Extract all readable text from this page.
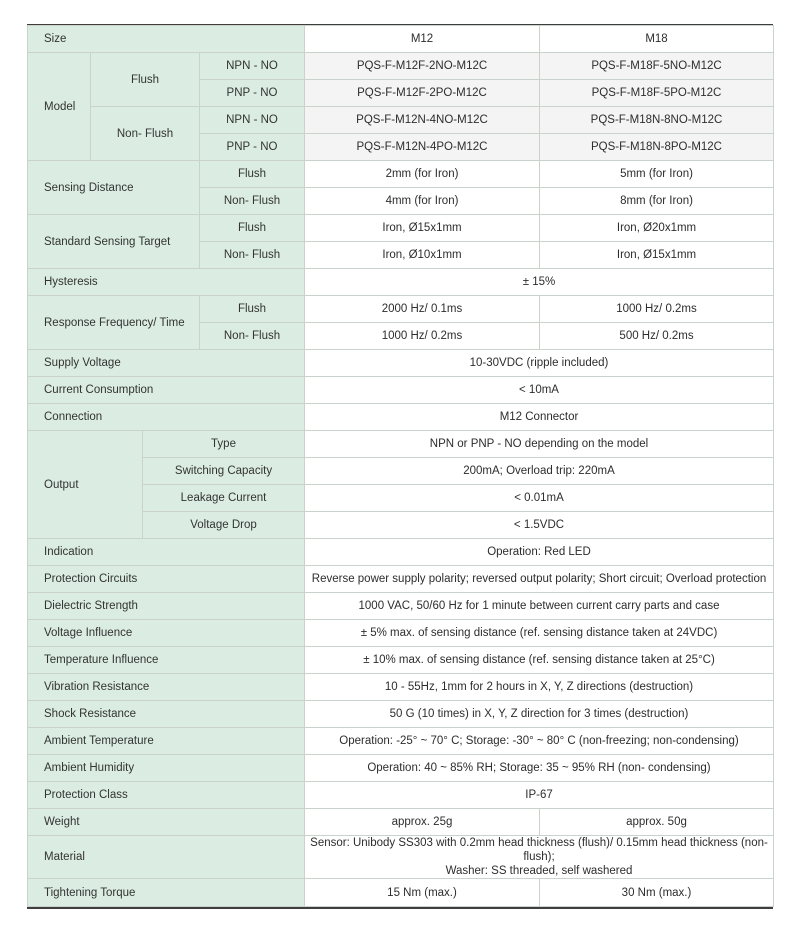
Size				M12	M18
Model	Flush		NPN - NO	PQS-F-M12F-2NO-M12C	PQS-F-M18F-5NO-M12C
			PNP - NO	PQS-F-M12F-2PO-M12C	PQS-F-M18F-5PO-M12C
	Non- Flush		NPN - NO	PQS-F-M12N-4NO-M12C	PQS-F-M18N-8NO-M12C
			PNP - NO	PQS-F-M12N-4PO-M12C	PQS-F-M18N-8PO-M12C
Sensing Distance			Flush	2mm (for Iron)	5mm (for Iron)
			Non- Flush	4mm (for Iron)	8mm (for Iron)
Standard Sensing Target			Flush	Iron, Ø15x1mm	Iron, Ø20x1mm
			Non- Flush	Iron, Ø10x1mm	Iron, Ø15x1mm
Hysteresis				± 15%	
Response Frequency/ Time			Flush	2000 Hz/ 0.1ms	1000 Hz/ 0.2ms
			Non- Flush	1000 Hz/ 0.2ms	500 Hz/ 0.2ms
Supply Voltage				10-30VDC (ripple included)	
Current Consumption				< 10mA	
Connection				M12 Connector	
Output		Type		NPN or PNP - NO depending on the model	
		Switching Capacity		200mA; Overload trip: 220mA	
		Leakage Current		< 0.01mA	
		Voltage Drop		< 1.5VDC	
Indication				Operation: Red LED	
Protection Circuits				Reverse power supply polarity; reversed output polarity; Short circuit; Overload protection	
Dielectric Strength				1000 VAC, 50/60 Hz for 1 minute between current carry parts and case	
Voltage Influence				± 5% max. of sensing distance (ref. sensing distance taken at 24VDC)	
Temperature Influence				± 10% max. of sensing distance (ref. sensing distance taken at 25°C)	
Vibration Resistance				10 - 55Hz, 1mm for 2 hours in X, Y, Z directions (destruction)	
Shock Resistance				50 G (10 times) in X, Y, Z direction for 3 times (destruction)	
Ambient Temperature				Operation: -25° ~ 70° C; Storage: -30° ~ 80° C (non-freezing; non-condensing)	
Ambient Humidity				Operation: 40 ~ 85% RH; Storage: 35 ~ 95% RH (non- condensing)	
Protection Class				IP-67	
Weight				approx. 25g	approx. 50g
Material				Sensor: Unibody SS303 with 0.2mm head thickness (flush)/ 0.15mm head thickness (non-flush);
Washer: SS threaded, self washered	

Tightening Torque				15 Nm (max.)	30 Nm (max.)
